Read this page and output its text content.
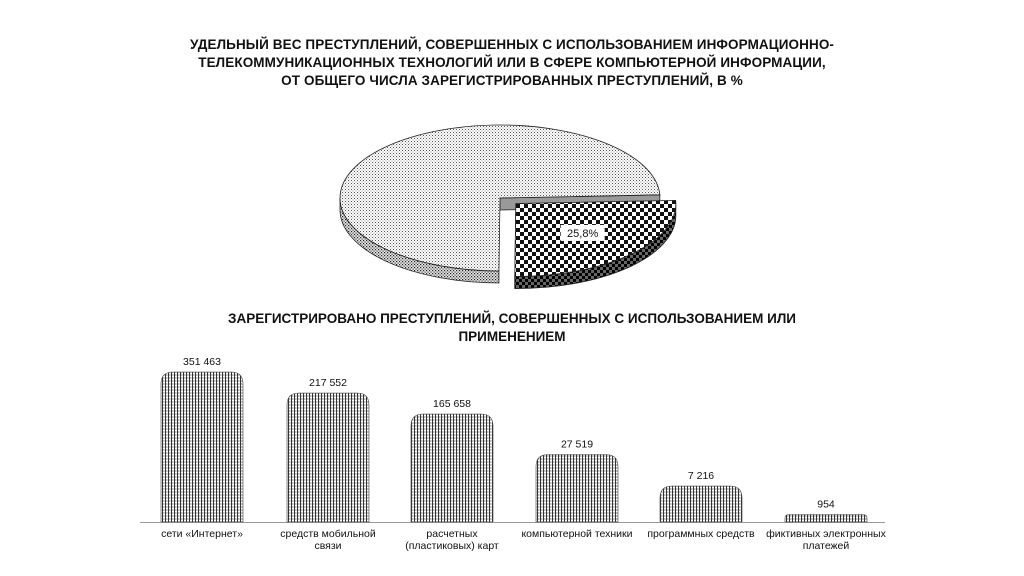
УДЕЛЬНЫЙ ВЕС ПРЕСТУПЛЕНИЙ, СОВЕРШЕННЫХ С ИСПОЛЬЗОВАНИЕМ ИНФОРМАЦИОННО-
ТЕЛЕКОММУНИКАЦИОННЫХ ТЕХНОЛОГИЙ ИЛИ В СФЕРЕ КОМПЬЮТЕРНОЙ ИНФОРМАЦИИ,
ОТ ОБЩЕГО ЧИСЛА ЗАРЕГИСТРИРОВАННЫХ ПРЕСТУПЛЕНИЙ, В %
ЗАРЕГИСТРИРОВАНО ПРЕСТУПЛЕНИЙ, СОВЕРШЕННЫХ С ИСПОЛЬЗОВАНИЕМ ИЛИ
ПРИМЕНЕНИЕМ
25,8%
351 463
сети «Интернет»
217 552
средств мобильной
связи
165 658
расчетных
(пластиковых) карт
27 519
компьютерной техники
7 216
программных средств
954
фиктивных электронных
платежей
